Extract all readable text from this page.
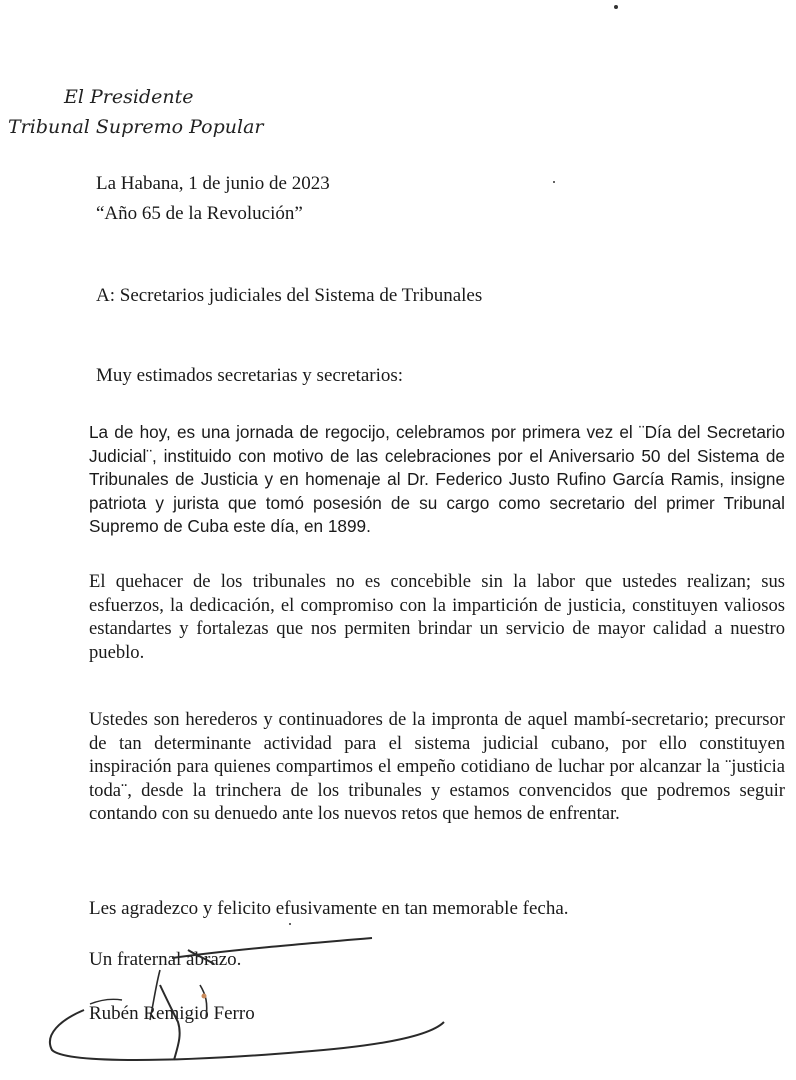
El Presidente
Tribunal Supremo Popular
La Habana, 1 de junio de 2023
“Año 65 de la Revolución”
A: Secretarios judiciales del Sistema de Tribunales
Muy estimados secretarias y secretarios:
La de hoy, es una jornada de regocijo, celebramos por primera vez el ¨Día del Secretario Judicial¨, instituido con motivo de las celebraciones por el Aniversario 50 del Sistema de Tribunales de Justicia y en homenaje al Dr. Federico Justo Rufino García Ramis, insigne patriota y jurista que tomó posesión de su cargo como secretario del primer Tribunal Supremo de Cuba este día, en 1899.
El quehacer de los tribunales no es concebible sin la labor que ustedes realizan; sus esfuerzos, la dedicación, el compromiso con la impartición de justicia, constituyen valiosos estandartes y fortalezas que nos permiten brindar un servicio de mayor calidad a nuestro pueblo.
Ustedes son herederos y continuadores de la impronta de aquel mambí-secretario; precursor de tan determinante actividad para el sistema judicial cubano, por ello constituyen inspiración para quienes compartimos el empeño cotidiano de luchar por alcanzar la ¨justicia toda¨, desde la trinchera de los tribunales y estamos convencidos que podremos seguir contando con su denuedo ante los nuevos retos que hemos de enfrentar.
Les agradezco y felicito efusivamente en tan memorable fecha.
Un fraternal abrazo.
Rubén Remigio Ferro
